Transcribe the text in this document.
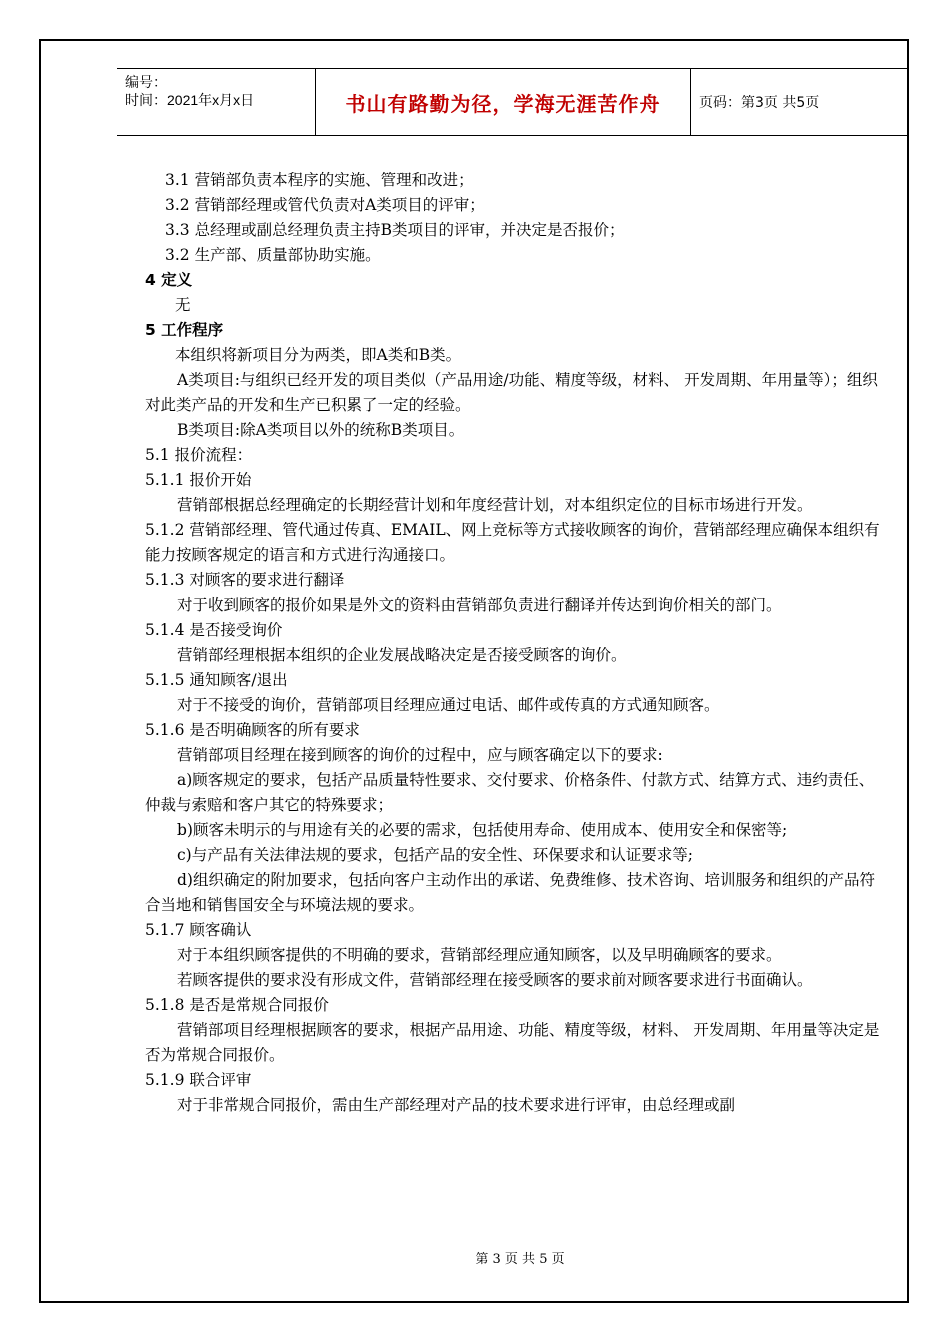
编号：
时间：2021年x月x日	书山有路勤为径，学海无涯苦作舟	页码：第3页 共5页

3.1 营销部负责本程序的实施、管理和改进；

3.2 营销部经理或管代负责对A类项目的评审；

3.3 总经理或副总经理负责主持B类项目的评审，并决定是否报价；

3.2 生产部、质量部协助实施。

4 定义

无

5 工作程序

本组织将新项目分为两类，即A类和B类。

A类项目:与组织已经开发的项目类似（产品用途/功能、精度等级，材料、 开发周期、年用量等）；组织对此类产品的开发和生产已积累了一定的经验。

B类项目:除A类项目以外的统称B类项目。

5.1 报价流程：

5.1.1 报价开始

营销部根据总经理确定的长期经营计划和年度经营计划，对本组织定位的目标市场进行开发。

5.1.2 营销部经理、管代通过传真、EMAIL、网上竞标等方式接收顾客的询价，营销部经理应确保本组织有能力按顾客规定的语言和方式进行沟通接口。

5.1.3 对顾客的要求进行翻译

对于收到顾客的报价如果是外文的资料由营销部负责进行翻译并传达到询价相关的部门。

5.1.4 是否接受询价

营销部经理根据本组织的企业发展战略决定是否接受顾客的询价。

5.1.5 通知顾客/退出

对于不接受的询价，营销部项目经理应通过电话、邮件或传真的方式通知顾客。

5.1.6 是否明确顾客的所有要求

营销部项目经理在接到顾客的询价的过程中，应与顾客确定以下的要求:

a)顾客规定的要求，包括产品质量特性要求、交付要求、价格条件、付款方式、结算方式、违约责任、仲裁与索赔和客户其它的特殊要求；

b)顾客未明示的与用途有关的必要的需求，包括使用寿命、使用成本、使用安全和保密等;

c)与产品有关法律法规的要求，包括产品的安全性、环保要求和认证要求等;

d)组织确定的附加要求，包括向客户主动作出的承诺、免费维修、技术咨询、培训服务和组织的产品符合当地和销售国安全与环境法规的要求。

5.1.7 顾客确认

对于本组织顾客提供的不明确的要求，营销部经理应通知顾客，以及早明确顾客的要求。

若顾客提供的要求没有形成文件，营销部经理在接受顾客的要求前对顾客要求进行书面确认。

5.1.8 是否是常规合同报价

营销部项目经理根据顾客的要求，根据产品用途、功能、精度等级，材料、 开发周期、年用量等决定是否为常规合同报价。

5.1.9 联合评审

对于非常规合同报价，需由生产部经理对产品的技术要求进行评审，由总经理或副

第 3 页 共 5 页
